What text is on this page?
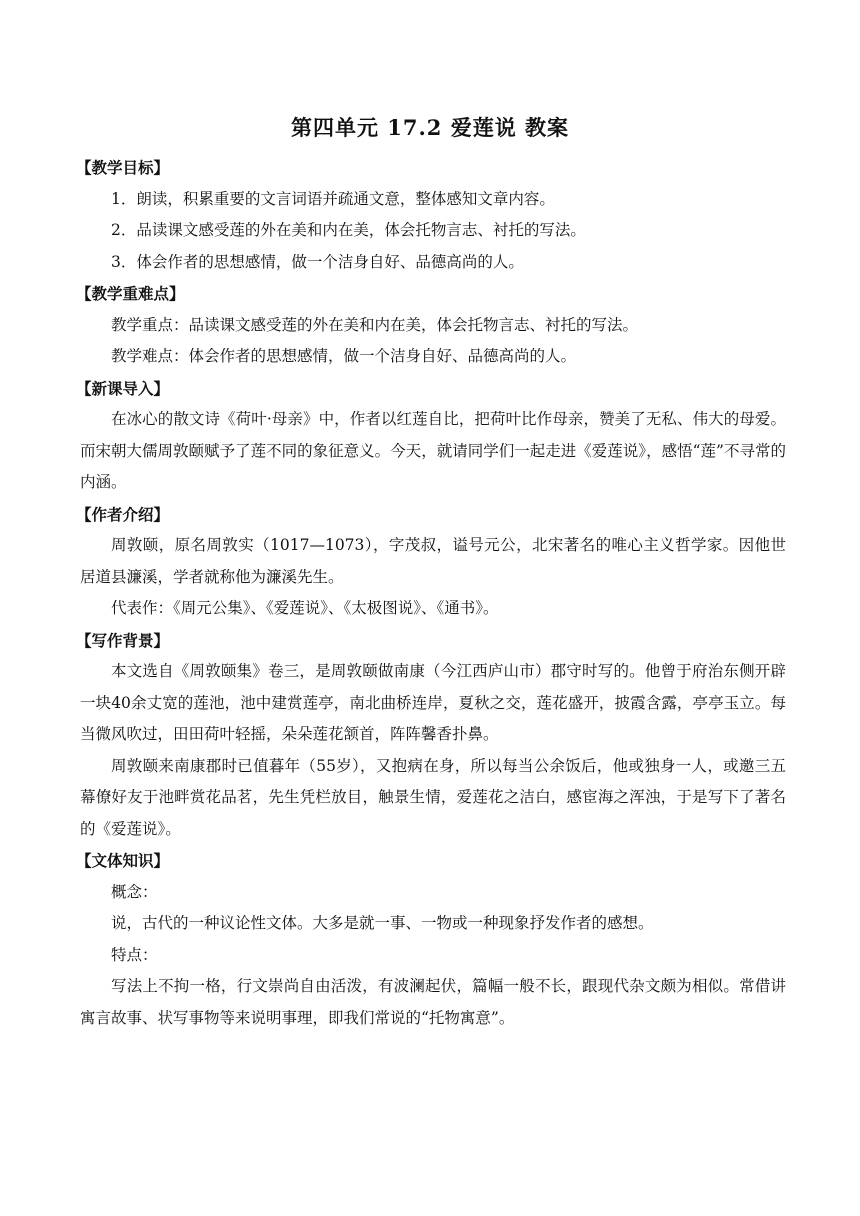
第四单元 17.2 爱莲说 教案
【教学目标】

1．朗读，积累重要的文言词语并疏通文意，整体感知文章内容。

2．品读课文感受莲的外在美和内在美，体会托物言志、衬托的写法。

3．体会作者的思想感情，做一个洁身自好、品德高尚的人。

【教学重难点】

教学重点：品读课文感受莲的外在美和内在美，体会托物言志、衬托的写法。

教学难点：体会作者的思想感情，做一个洁身自好、品德高尚的人。

【新课导入】

在冰心的散文诗《荷叶·母亲》中，作者以红莲自比，把荷叶比作母亲，赞美了无私、伟大的母爱。而宋朝大儒周敦颐赋予了莲不同的象征意义。今天，就请同学们一起走进《爱莲说》，感悟“莲”不寻常的内涵。

【作者介绍】

周敦颐，原名周敦实（1017—1073），字茂叔，谥号元公，北宋著名的唯心主义哲学家。因他世居道县濂溪，学者就称他为濂溪先生。

代表作：《周元公集》、《爱莲说》、《太极图说》、《通书》。

【写作背景】

本文选自《周敦颐集》卷三，是周敦颐做南康（今江西庐山市）郡守时写的。他曾于府治东侧开辟一块40余丈宽的莲池，池中建赏莲亭，南北曲桥连岸，夏秋之交，莲花盛开，披霞含露，亭亭玉立。每当微风吹过，田田荷叶轻摇，朵朵莲花颔首，阵阵馨香扑鼻。

周敦颐来南康郡时已值暮年（55岁），又抱病在身，所以每当公余饭后，他或独身一人，或邀三五幕僚好友于池畔赏花品茗，先生凭栏放目，触景生情，爱莲花之洁白，感宦海之浑浊，于是写下了著名的《爱莲说》。

【文体知识】

概念：

说，古代的一种议论性文体。大多是就一事、一物或一种现象抒发作者的感想。

特点：

写法上不拘一格，行文崇尚自由活泼，有波澜起伏，篇幅一般不长，跟现代杂文颇为相似。常借讲寓言故事、状写事物等来说明事理，即我们常说的“托物寓意”。
